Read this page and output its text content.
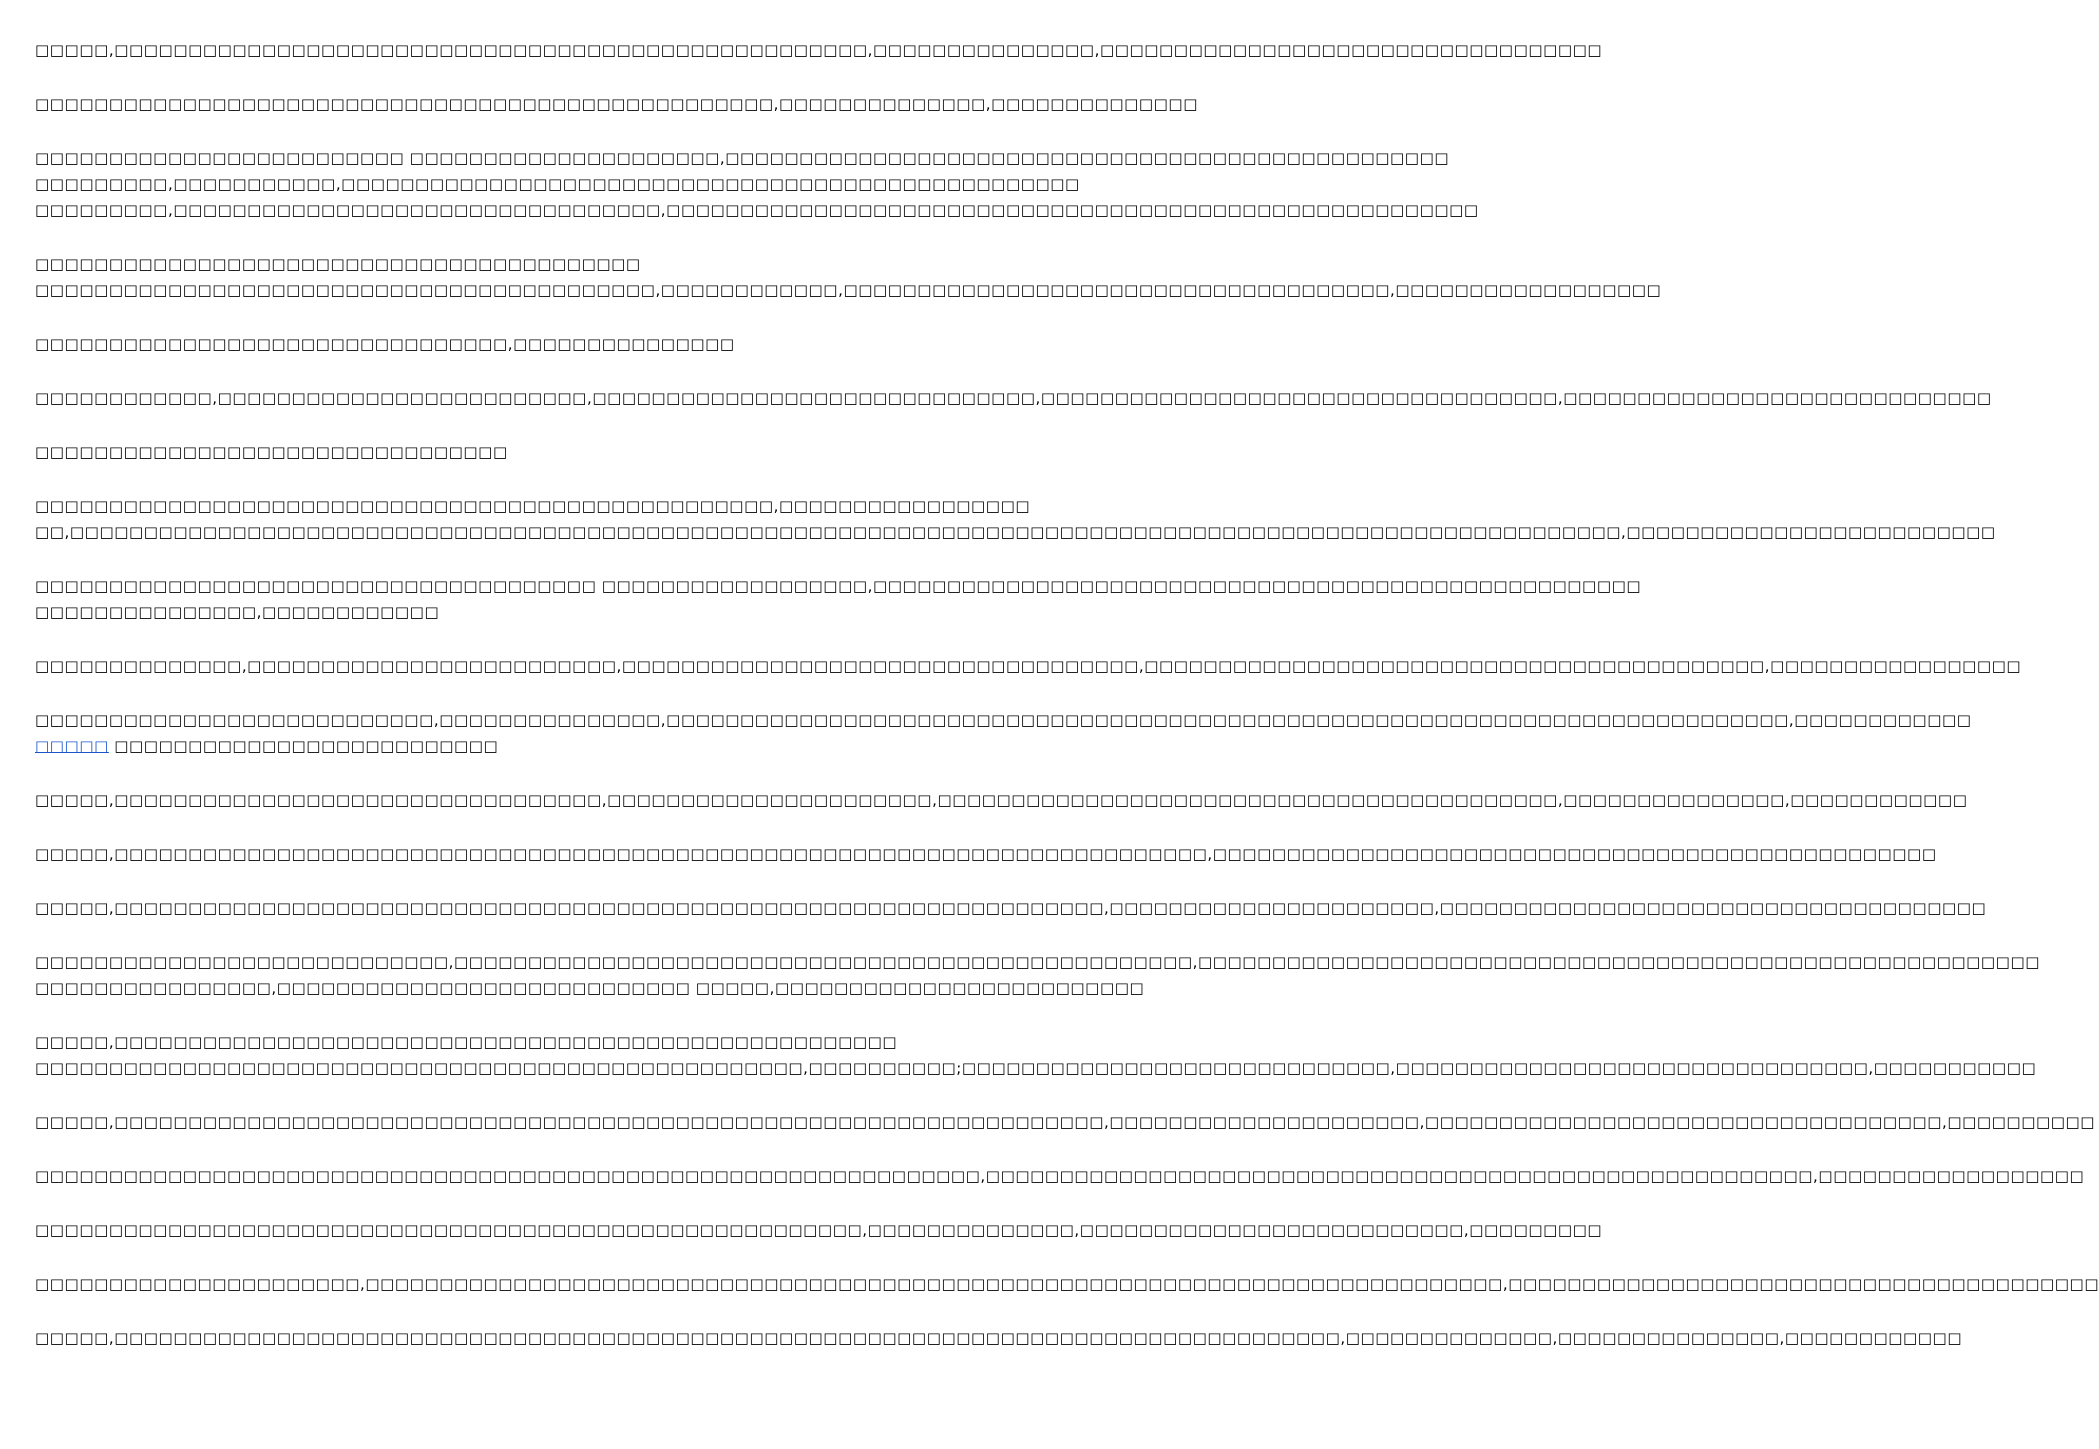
□□□□□,□□□□□□□□□□□□□□□□□□□□□□□□□□□□□□□□□□□□□□□□□□□□□□□□□□□,□□□□□□□□□□□□□□□,□□□□□□□□□□□□□□□□□□□□□□□□□□□□□□□□□□
□□□□□□□□□□□□□□□□□□□□□□□□□□□□□□□□□□□□□□□□□□□□□□□□□□,□□□□□□□□□□□□□□,□□□□□□□□□□□□□□
□□□□□□□□□□□□□□□□□□□□□□□□□ □□□□□□□□□□□□□□□□□□□□□,□□□□□□□□□□□□□□□□□□□□□□□□□□□□□□□□□□□□□□□□□□□□□□□□□
□□□□□□□□□,□□□□□□□□□□□,□□□□□□□□□□□□□□□□□□□□□□□□□□□□□□□□□□□□□□□□□□□□□□□□□□
□□□□□□□□□,□□□□□□□□□□□□□□□□□□□□□□□□□□□□□□□□□,□□□□□□□□□□□□□□□□□□□□□□□□□□□□□□□□□□□□□□□□□□□□□□□□□□□□□□□
□□□□□□□□□□□□□□□□□□□□□□□□□□□□□□□□□□□□□□□□□
□□□□□□□□□□□□□□□□□□□□□□□□□□□□□□□□□□□□□□□□□□,□□□□□□□□□□□□,□□□□□□□□□□□□□□□□□□□□□□□□□□□□□□□□□□□□□,□□□□□□□□□□□□□□□□□□
□□□□□□□□□□□□□□□□□□□□□□□□□□□□□□□□,□□□□□□□□□□□□□□□
□□□□□□□□□□□□,□□□□□□□□□□□□□□□□□□□□□□□□□,□□□□□□□□□□□□□□□□□□□□□□□□□□□□□□,□□□□□□□□□□□□□□□□□□□□□□□□□□□□□□□□□□□,□□□□□□□□□□□□□□□□□□□□□□□□□□□□□
□□□□□□□□□□□□□□□□□□□□□□□□□□□□□□□□
□□□□□□□□□□□□□□□□□□□□□□□□□□□□□□□□□□□□□□□□□□□□□□□□□□,□□□□□□□□□□□□□□□□□
□□,□□□□□□□□□□□□□□□□□□□□□□□□□□□□□□□□□□□□□□□□□□□□□□□□□□□□□□□□□□□□□□□□□□□□□□□□□□□□□□□□□□□□□□□□□□□□□□□□□□□□□□□□□,□□□□□□□□□□□□□□□□□□□□□□□□□
□□□□□□□□□□□□□□□□□□□□□□□□□□□□□□□□□□□□□□ □□□□□□□□□□□□□□□□□□,□□□□□□□□□□□□□□□□□□□□□□□□□□□□□□□□□□□□□□□□□□□□□□□□□□□□
□□□□□□□□□□□□□□□,□□□□□□□□□□□□
□□□□□□□□□□□□□□,□□□□□□□□□□□□□□□□□□□□□□□□□,□□□□□□□□□□□□□□□□□□□□□□□□□□□□□□□□□□□,□□□□□□□□□□□□□□□□□□□□□□□□□□□□□□□□□□□□□□□□□□,□□□□□□□□□□□□□□□□□
□□□□□□□□□□□□□□□□□□□□□□□□□□□,□□□□□□□□□□□□□□□,□□□□□□□□□□□□□□□□□□□□□□□□□□□□□□□□□□□□□□□□□□□□□□□□□□□□□□□□□□□□□□□□□□□□□□□□□□□□,□□□□□□□□□□□□
□□□□□ □□□□□□□□□□□□□□□□□□□□□□□□□□
□□□□□,□□□□□□□□□□□□□□□□□□□□□□□□□□□□□□□□□,□□□□□□□□□□□□□□□□□□□□□□,□□□□□□□□□□□□□□□□□□□□□□□□□□□□□□□□□□□□□□□□□□,□□□□□□□□□□□□□□□,□□□□□□□□□□□□
□□□□□,□□□□□□□□□□□□□□□□□□□□□□□□□□□□□□□□□□□□□□□□□□□□□□□□□□□□□□□□□□□□□□□□□□□□□□□□□□,□□□□□□□□□□□□□□□□□□□□□□□□□□□□□□□□□□□□□□□□□□□□□□□□□
□□□□□,□□□□□□□□□□□□□□□□□□□□□□□□□□□□□□□□□□□□□□□□□□□□□□□□□□□□□□□□□□□□□□□□□□□,□□□□□□□□□□□□□□□□□□□□□□,□□□□□□□□□□□□□□□□□□□□□□□□□□□□□□□□□□□□□
□□□□□□□□□□□□□□□□□□□□□□□□□□□□,□□□□□□□□□□□□□□□□□□□□□□□□□□□□□□□□□□□□□□□□□□□□□□□□□□,□□□□□□□□□□□□□□□□□□□□□□□□□□□□□□□□□□□□□□□□□□□□□□□□□□□□□□□□□
□□□□□□□□□□□□□□□□,□□□□□□□□□□□□□□□□□□□□□□□□□□□□ □□□□□,□□□□□□□□□□□□□□□□□□□□□□□□□
□□□□□,□□□□□□□□□□□□□□□□□□□□□□□□□□□□□□□□□□□□□□□□□□□□□□□□□□□□□
□□□□□□□□□□□□□□□□□□□□□□□□□□□□□□□□□□□□□□□□□□□□□□□□□□□□,□□□□□□□□□□;□□□□□□□□□□□□□□□□□□□□□□□□□□□□□,□□□□□□□□□□□□□□□□□□□□□□□□□□□□□□□□,□□□□□□□□□□□
□□□□□,□□□□□□□□□□□□□□□□□□□□□□□□□□□□□□□□□□□□□□□□□□□□□□□□□□□□□□□□□□□□□□□□□□□,□□□□□□□□□□□□□□□□□□□□□,□□□□□□□□□□□□□□□□□□□□□□□□□□□□□□□□□□□,□□□□□□□□□□
□□□□□□□□□□□□□□□□□□□□□□□□□□□□□□□□□□□□□□□□□□□□□□□□□□□□□□□□□□□□□□□□,□□□□□□□□□□□□□□□□□□□□□□□□□□□□□□□□□□□□□□□□□□□□□□□□□□□□□□□□,□□□□□□□□□□□□□□□□□□
□□□□□□□□□□□□□□□□□□□□□□□□□□□□□□□□□□□□□□□□□□□□□□□□□□□□□□□□,□□□□□□□□□□□□□□,□□□□□□□□□□□□□□□□□□□□□□□□□□,□□□□□□□□□
□□□□□□□□□□□□□□□□□□□□□□,□□□□□□□□□□□□□□□□□□□□□□□□□□□□□□□□□□□□□□□□□□□□□□□□□□□□□□□□□□□□□□□□□□□□□□□□□□□□□,□□□□□□□□□□□□□□□□□□□□□□□□□□□□□□□□□□□□□□□□
□□□□□,□□□□□□□□□□□□□□□□□□□□□□□□□□□□□□□□□□□□□□□□□□□□□□□□□□□□□□□□□□□□□□□□□□□□□□□□□□□□□□□□□□□,□□□□□□□□□□□□□□,□□□□□□□□□□□□□□□,□□□□□□□□□□□□
